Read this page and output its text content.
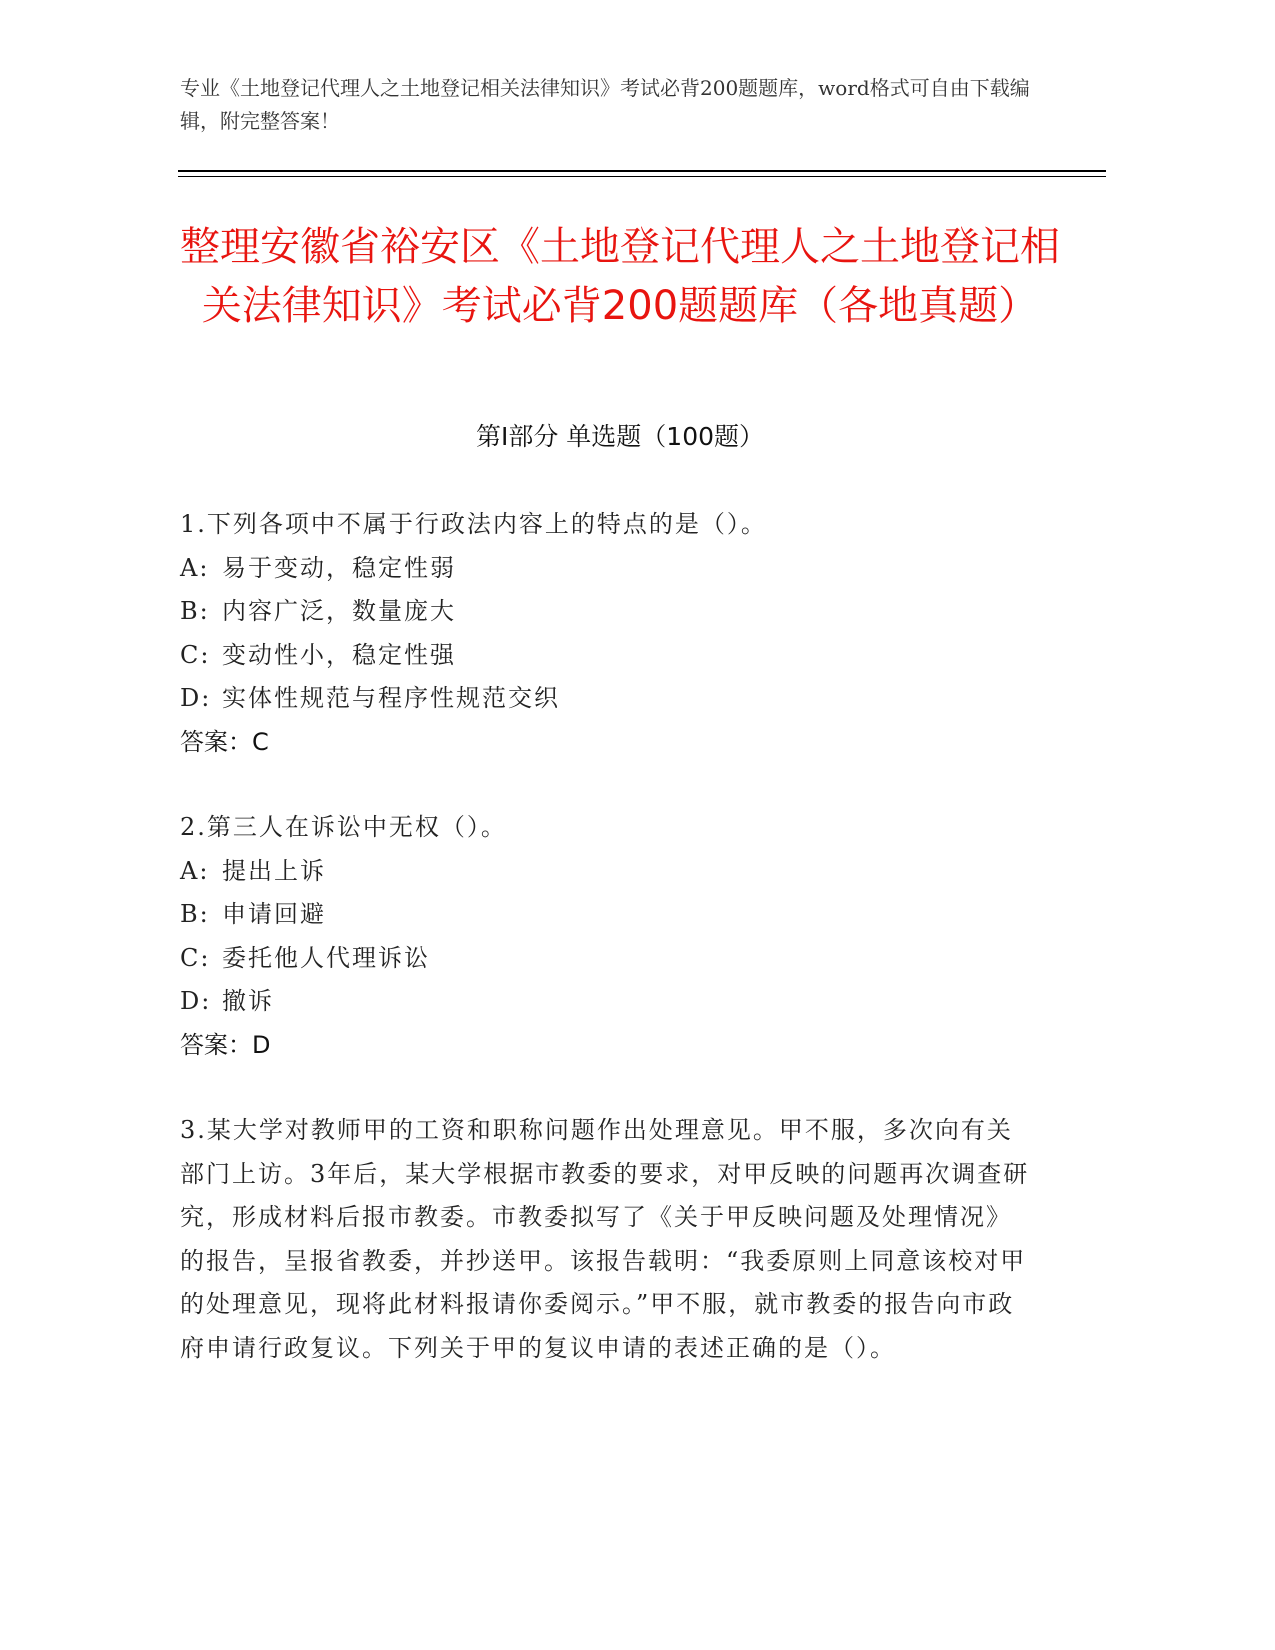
专业《土地登记代理人之土地登记相关法律知识》考试必背200题题库，word格式可自由下载编辑，附完整答案！
整理安徽省裕安区《土地登记代理人之土地登记相关法律知识》考试必背200题题库（各地真题）
第Ⅰ部分 单选题（100题）
1.下列各项中不属于行政法内容上的特点的是（）。
A: 易于变动，稳定性弱
B: 内容广泛，数量庞大
C: 变动性小，稳定性强
D: 实体性规范与程序性规范交织
答案：C
2.第三人在诉讼中无权（）。
A: 提出上诉
B: 申请回避
C: 委托他人代理诉讼
D: 撤诉
答案：D
3.某大学对教师甲的工资和职称问题作出处理意见。甲不服，多次向有关部门上访。3年后，某大学根据市教委的要求，对甲反映的问题再次调查研究，形成材料后报市教委。市教委拟写了《关于甲反映问题及处理情况》的报告，呈报省教委，并抄送甲。该报告载明：“我委原则上同意该校对甲的处理意见，现将此材料报请你委阅示。”甲不服，就市教委的报告向市政府申请行政复议。下列关于甲的复议申请的表述正确的是（）。
